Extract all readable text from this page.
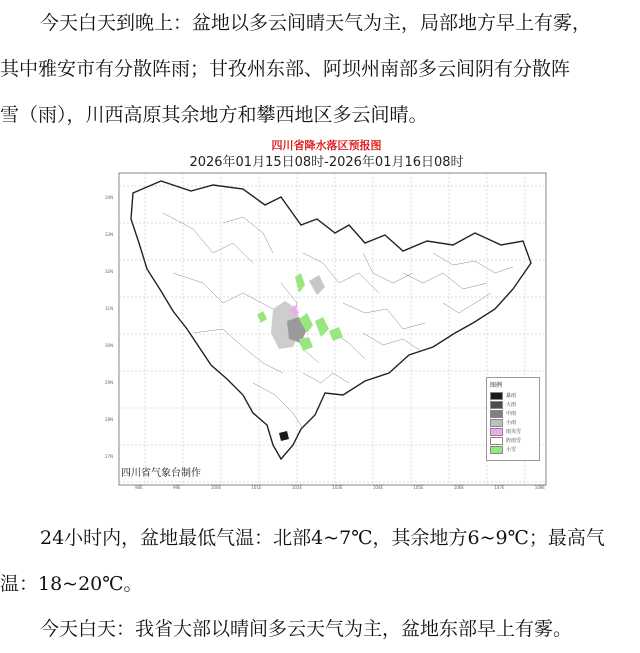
今天白天到晚上：盆地以多云间晴天气为主，局部地方早上有雾，
其中雅安市有分散阵雨；甘孜州东部、阿坝州南部多云间阴有分散阵
雪（雨），川西高原其余地方和攀西地区多云间晴。
四川省降水落区预报图
2026年01月15日08时-2026年01月16日08时
四川省气象台制作
图例
暴雨
大雨
中雨
小雨
雨夹雪
阵雨雪
小雪
34N
33N
32N
31N
30N
29N
28N
27N
98E	99E	100E	101E	102E	103E	104E	105E	106E	107E	108E
24小时内，盆地最低气温：北部4~7℃，其余地方6~9℃；最高气
温：18~20℃。
今天白天：我省大部以晴间多云天气为主，盆地东部早上有雾。
